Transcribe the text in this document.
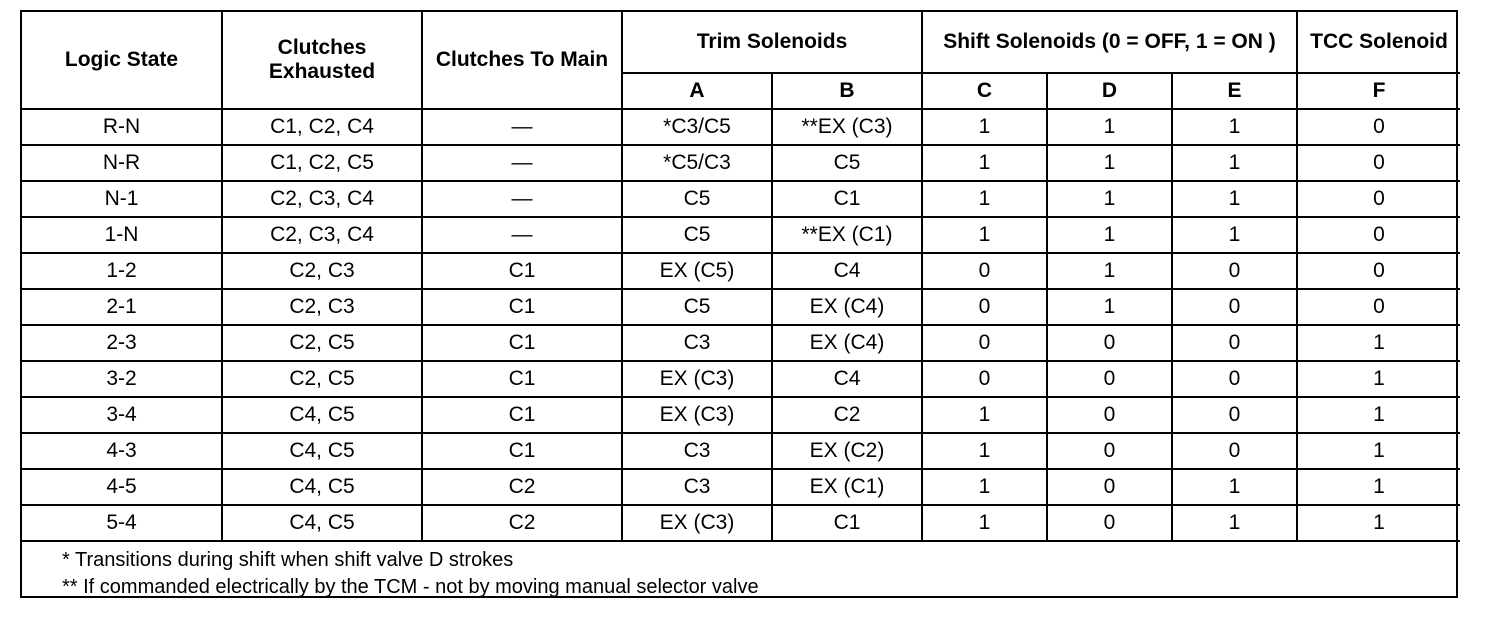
Logic State	Clutches Exhausted	Clutches To Main	Trim Solenoids		Shift Solenoids (0 = OFF, 1 = ON )			TCC Solenoid
			A	B	C	D	E	F
R-N	C1, C2, C4	—	*C3/C5	**EX (C3)	1	1	1	0
N-R	C1, C2, C5	—	*C5/C3	C5	1	1	1	0
N-1	C2, C3, C4	—	C5	C1	1	1	1	0
1-N	C2, C3, C4	—	C5	**EX (C1)	1	1	1	0
1-2	C2, C3	C1	EX (C5)	C4	0	1	0	0
2-1	C2, C3	C1	C5	EX (C4)	0	1	0	0
2-3	C2, C5	C1	C3	EX (C4)	0	0	0	1
3-2	C2, C5	C1	EX (C3)	C4	0	0	0	1
3-4	C4, C5	C1	EX (C3)	C2	1	0	0	1
4-3	C4, C5	C1	C3	EX (C2)	1	0	0	1
4-5	C4, C5	C2	C3	EX (C1)	1	0	1	1
5-4	C4, C5	C2	EX (C3)	C1	1	0	1	1
* Transitions during shift when shift valve D strokes
** If commanded electrically by the TCM - not by moving manual selector valve
